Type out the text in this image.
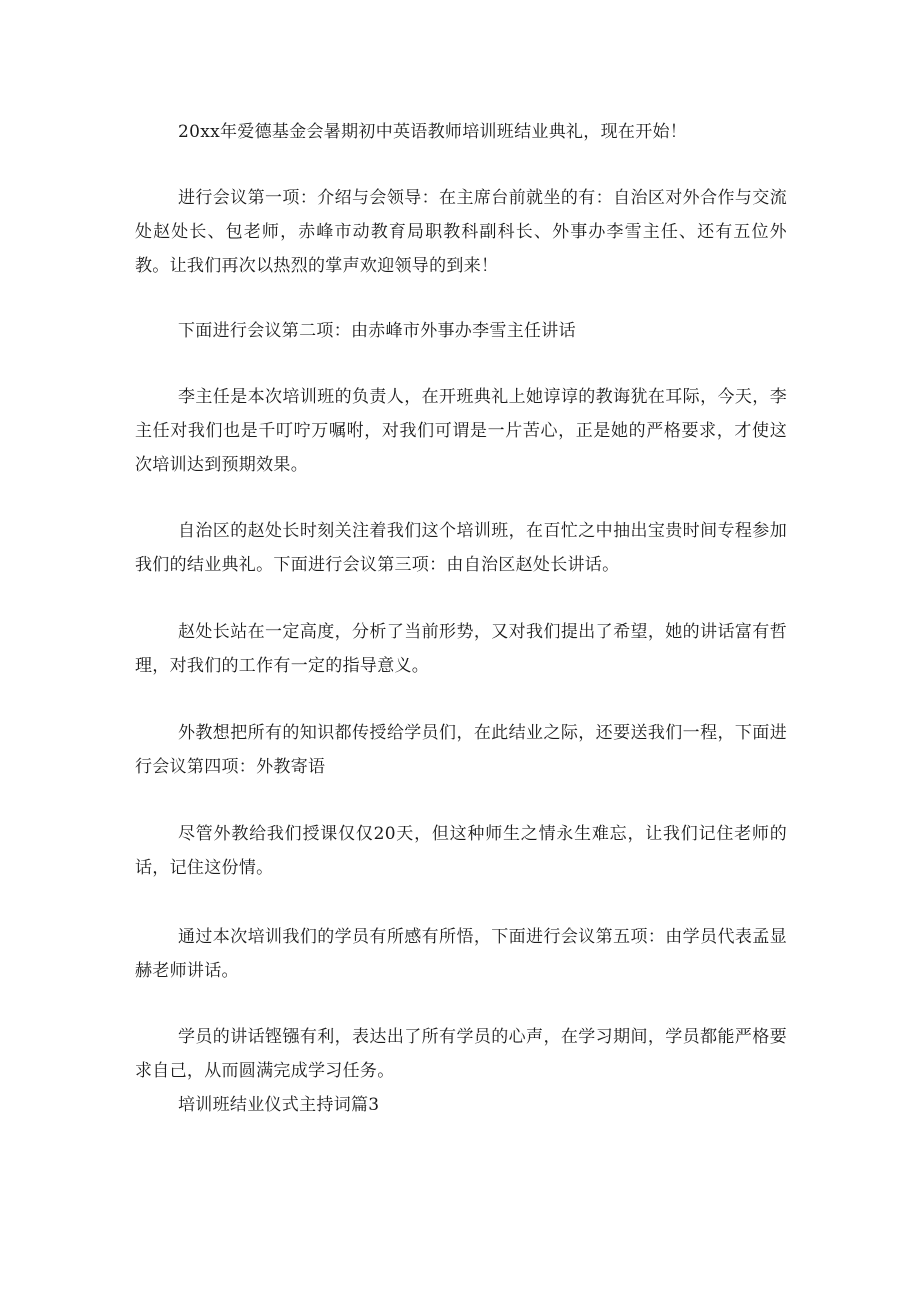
20xx年爱德基金会暑期初中英语教师培训班结业典礼，现在开始！

进行会议第一项：介绍与会领导：在主席台前就坐的有：自治区对外合作与交流处赵处长、包老师，赤峰市动教育局职教科副科长、外事办李雪主任、还有五位外教。让我们再次以热烈的掌声欢迎领导的到来！

下面进行会议第二项：由赤峰市外事办李雪主任讲话

李主任是本次培训班的负责人，在开班典礼上她谆谆的教诲犹在耳际，今天，李主任对我们也是千叮咛万嘱咐，对我们可谓是一片苦心，正是她的严格要求，才使这次培训达到预期效果。

自治区的赵处长时刻关注着我们这个培训班，在百忙之中抽出宝贵时间专程参加我们的结业典礼。下面进行会议第三项：由自治区赵处长讲话。

赵处长站在一定高度，分析了当前形势，又对我们提出了希望，她的讲话富有哲理，对我们的工作有一定的指导意义。

外教想把所有的知识都传授给学员们，在此结业之际，还要送我们一程，下面进行会议第四项：外教寄语

尽管外教给我们授课仅仅20天，但这种师生之情永生难忘，让我们记住老师的话，记住这份情。

通过本次培训我们的学员有所感有所悟，下面进行会议第五项：由学员代表孟显赫老师讲话。

学员的讲话铿镪有利，表达出了所有学员的心声，在学习期间，学员都能严格要求自己，从而圆满完成学习任务。

培训班结业仪式主持词篇3
